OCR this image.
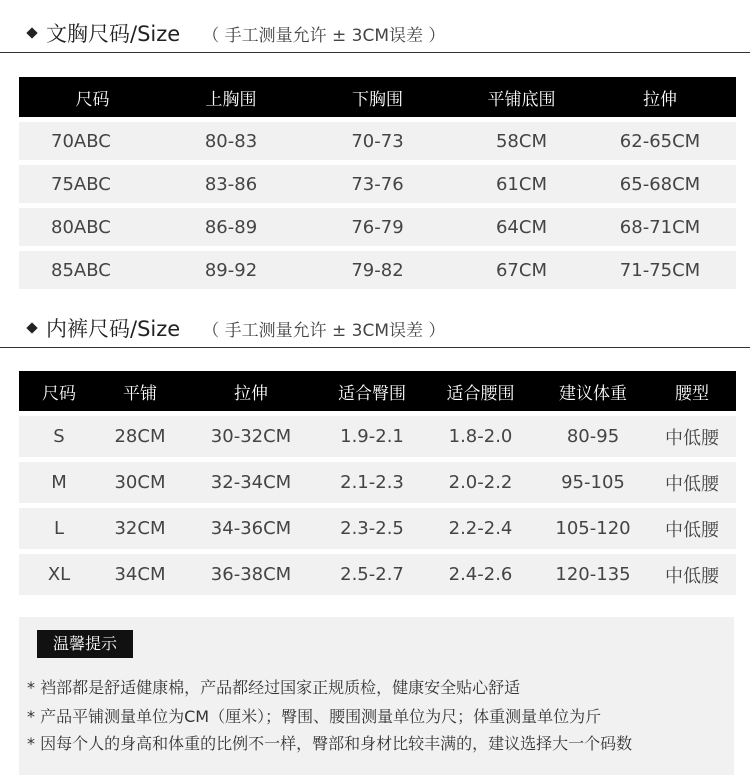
文胸尺码/Size （ 手工测量允许 ± 3CM误差 ）
尺码	上胸围	下胸围	平铺底围	拉伸
70ABC	80-83	70-73	58CM	62-65CM
75ABC	83-86	73-76	61CM	65-68CM
80ABC	86-89	76-79	64CM	68-71CM
85ABC	89-92	79-82	67CM	71-75CM
内裤尺码/Size （ 手工测量允许 ± 3CM误差 ）
尺码	平铺	拉伸	适合臀围	适合腰围	建议体重	腰型
S	28CM	30-32CM	1.9-2.1	1.8-2.0	80-95	中低腰
M	30CM	32-34CM	2.1-2.3	2.0-2.2	95-105	中低腰
L	32CM	34-36CM	2.3-2.5	2.2-2.4	105-120	中低腰
XL	34CM	36-38CM	2.5-2.7	2.4-2.6	120-135	中低腰
温馨提示
* 裆部都是舒适健康棉，产品都经过国家正规质检，健康安全贴心舒适
* 产品平铺测量单位为CM（厘米）；臀围、腰围测量单位为尺；体重测量单位为斤
* 因每个人的身高和体重的比例不一样，臀部和身材比较丰满的，建议选择大一个码数
